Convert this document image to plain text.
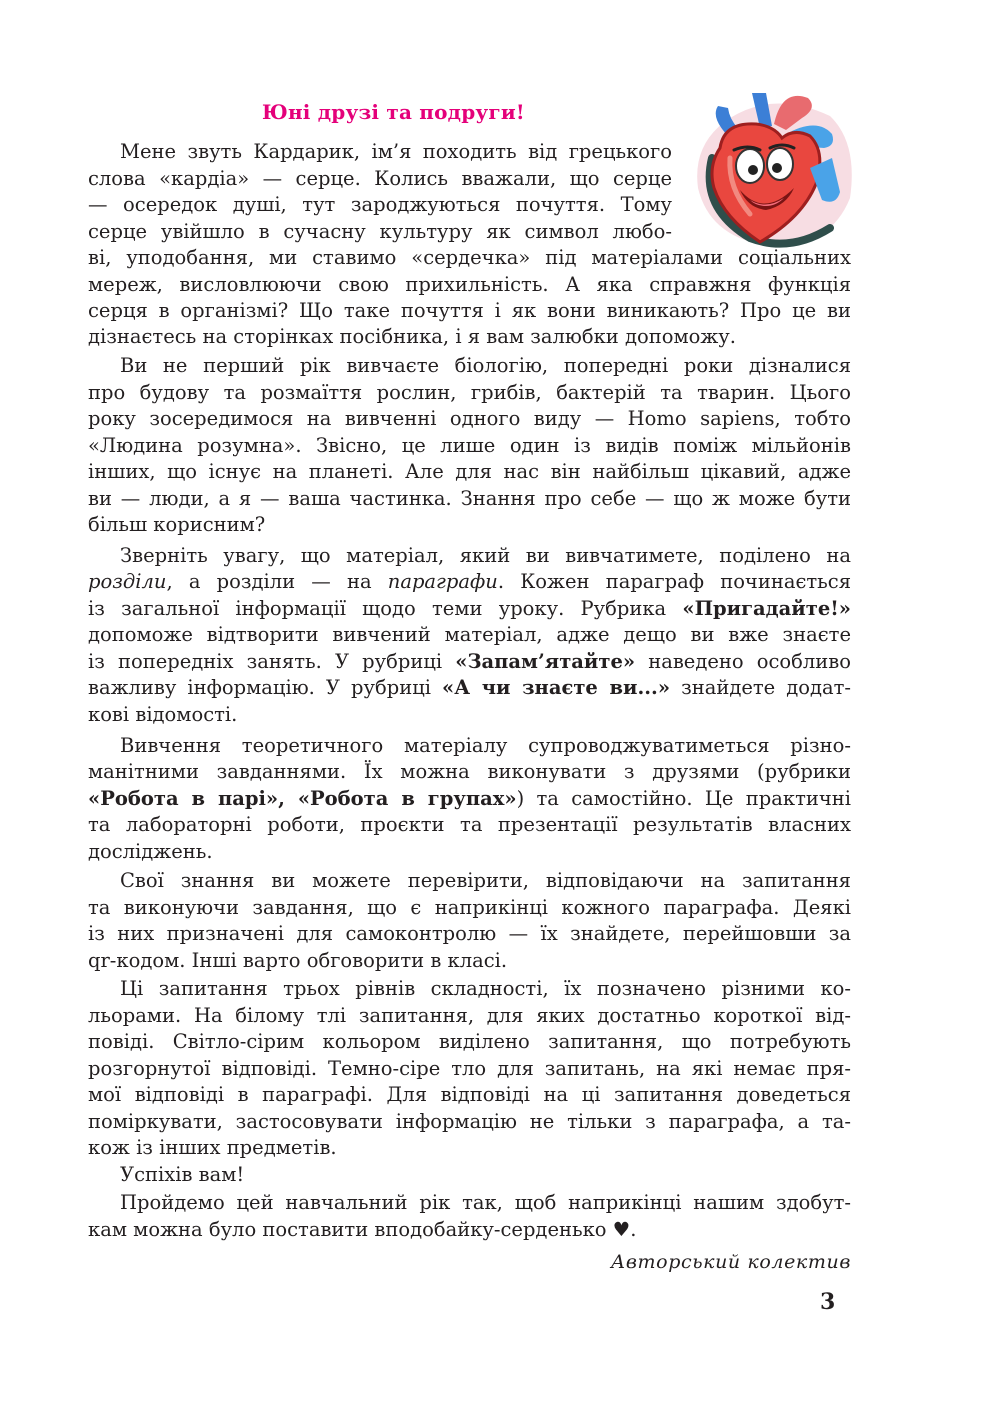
Юні друзі та подруги!
Мене звуть Кардарик, ім’я походить від грецького
слова «кардіа» — серце. Колись вважали, що серце
— осередок душі, тут зароджуються почуття. Тому
серце увійшло в сучасну культуру як символ любо-
ві, уподобання, ми ставимо «сердечка» під матеріалами соціальних
мереж, висловлюючи свою прихильність. А яка справжня функція
серця в організмі? Що таке почуття і як вони виникають? Про це ви
дізнаєтесь на сторінках посібника, і я вам залюбки допоможу.
Ви не перший рік вивчаєте біологію, попередні роки дізналися
про будову та розмаїття рослин, грибів, бактерій та тварин. Цього
року зосередимося на вивченні одного виду — Homo sapiens, тобто
«Людина розумна». Звісно, це лише один із видів поміж мільйонів
інших, що існує на планеті. Але для нас він найбільш цікавий, адже
ви — люди, а я — ваша частинка. Знання про себе — що ж може бути
більш корисним?
Зверніть увагу, що матеріал, який ви вивчатимете, поділено на
розділи, а розділи — на параграфи. Кожен параграф починається
із загальної інформації щодо теми уроку. Рубрика «Пригадайте!»
допоможе відтворити вивчений матеріал, адже дещо ви вже знаєте
із попередніх занять. У рубриці «Запам’ятайте» наведено особливо
важливу інформацію. У рубриці «А чи знаєте ви...» знайдете додат-
кові відомості.
Вивчення теоретичного матеріалу супроводжуватиметься різно-
манітними завданнями. Їх можна виконувати з друзями (рубрики
«Робота в парі», «Робота в групах») та самостійно. Це практичні
та лабораторні роботи, проєкти та презентації результатів власних
досліджень.
Свої знання ви можете перевірити, відповідаючи на запитання
та виконуючи завдання, що є наприкінці кожного параграфа. Деякі
із них призначені для самоконтролю — їх знайдете, перейшовши за
qr-кодом. Інші варто обговорити в класі.
Ці запитання трьох рівнів складності, їх позначено різними ко-
льорами. На білому тлі запитання, для яких достатньо короткої від-
повіді. Світло-сірим кольором виділено запитання, що потребують
розгорнутої відповіді. Темно-сіре тло для запитань, на які немає пря-
мої відповіді в параграфі. Для відповіді на ці запитання доведеться
поміркувати, застосовувати інформацію не тільки з параграфа, а та-
кож із інших предметів.
Успіхів вам!
Пройдемо цей навчальний рік так, щоб наприкінці нашим здобут-
кам можна було поставити вподобайку-серденько ♥.
Авторський колектив
3
